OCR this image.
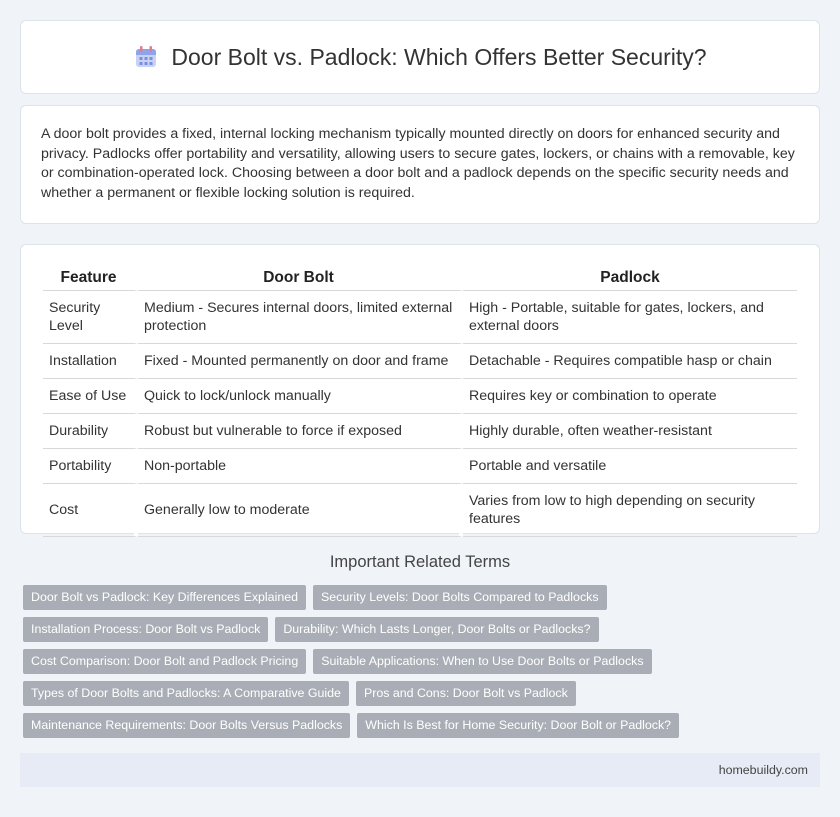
Door Bolt vs. Padlock: Which Offers Better Security?

A door bolt provides a fixed, internal locking mechanism typically mounted directly on doors for enhanced security and privacy. Padlocks offer portability and versatility, allowing users to secure gates, lockers, or chains with a removable, key or combination-operated lock. Choosing between a door bolt and a padlock depends on the specific security needs and whether a permanent or flexible locking solution is required.

Feature	Door Bolt	Padlock
Security Level	Medium - Secures internal doors, limited external protection	High - Portable, suitable for gates, lockers, and external doors
Installation	Fixed - Mounted permanently on door and frame	Detachable - Requires compatible hasp or chain
Ease of Use	Quick to lock/unlock manually	Requires key or combination to operate
Durability	Robust but vulnerable to force if exposed	Highly durable, often weather-resistant
Portability	Non-portable	Portable and versatile
Cost	Generally low to moderate	Varies from low to high depending on security features
Important Related Terms
Door Bolt vs Padlock: Key Differences Explained	Security Levels: Door Bolts Compared to Padlocks
Installation Process: Door Bolt vs Padlock	Durability: Which Lasts Longer, Door Bolts or Padlocks?
Cost Comparison: Door Bolt and Padlock Pricing	Suitable Applications: When to Use Door Bolts or Padlocks
Types of Door Bolts and Padlocks: A Comparative Guide	Pros and Cons: Door Bolt vs Padlock
Maintenance Requirements: Door Bolts Versus Padlocks	Which Is Best for Home Security: Door Bolt or Padlock?
homebuildy.com
